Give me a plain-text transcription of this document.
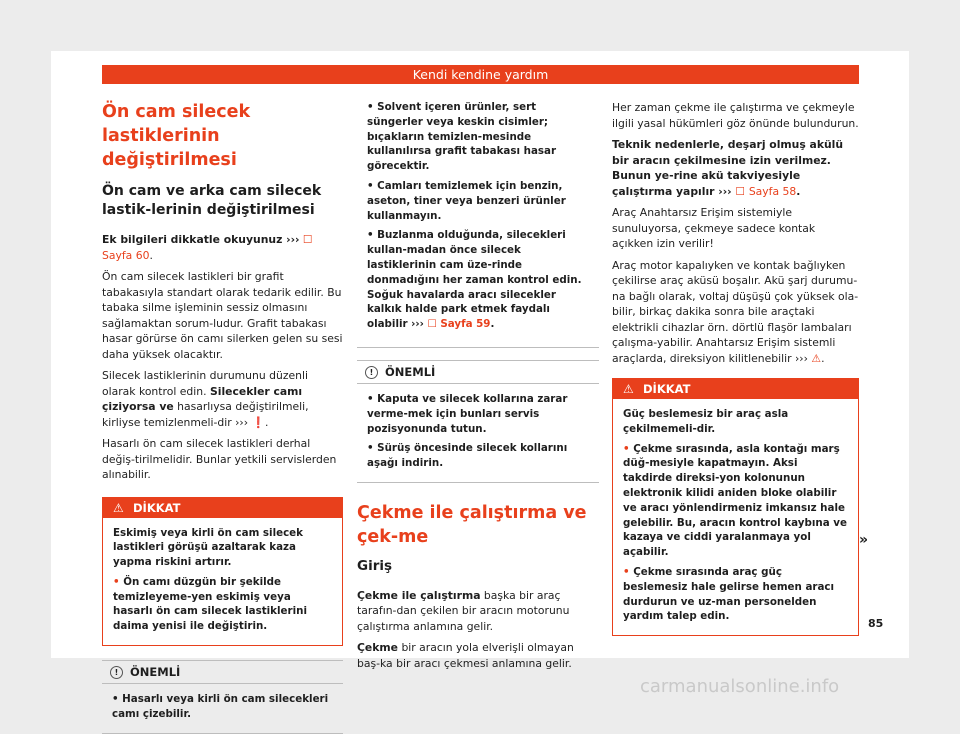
Kendi kendine yardım
Ön cam silecek lastiklerinin değiştirilmesi
Ön cam ve arka cam silecek lastik-lerinin değiştirilmesi

Ek bilgileri dikkatle okuyunuz ››› ☐ Sayfa 60.

Ön cam silecek lastikleri bir grafit tabakasıyla standart olarak tedarik edilir. Bu tabaka silme işleminin sessiz olmasını sağlamaktan sorum-ludur. Grafit tabakası hasar görürse ön camı silerken gelen su sesi daha yüksek olacaktır.

Silecek lastiklerinin durumunu düzenli olarak kontrol edin. Silecekler camı çiziyorsa ve hasarlıysa değiştirilmeli, kirliyse temizlenmeli-dir ››› ❗.

Hasarlı ön cam silecek lastikleri derhal değiş-tirilmelidir. Bunlar yetkili servislerden alınabilir.

⚠ DİKKAT

Eskimiş veya kirli ön cam silecek lastikleri görüşü azaltarak kaza yapma riskini artırır.

• Ön camı düzgün bir şekilde temizleyeme-yen eskimiş veya hasarlı ön cam silecek lastiklerini daima yenisi ile değiştirin.

!	ÖNEMLİ

• Hasarlı veya kirli ön cam silecekleri camı çizebilir.

• Solvent içeren ürünler, sert süngerler veya keskin cisimler; bıçakların temizlen-mesinde kullanılırsa grafit tabakası hasar görecektir.

• Camları temizlemek için benzin, aseton, tiner veya benzeri ürünler kullanmayın.

• Buzlanma olduğunda, silecekleri kullan-madan önce silecek lastiklerinin cam üze-rinde donmadığını her zaman kontrol edin. Soğuk havalarda aracı silecekler kalkık halde park etmek faydalı olabilir ››› ☐ Sayfa 59.

!	ÖNEMLİ

• Kaputa ve silecek kollarına zarar verme-mek için bunları servis pozisyonunda tutun.

• Sürüş öncesinde silecek kollarını aşağı indirin.

Çekme ile çalıştırma ve çek-me
Giriş

Çekme ile çalıştırma başka bir araç tarafın-dan çekilen bir aracın motorunu çalıştırma anlamına gelir.

Çekme bir aracın yola elverişli olmayan baş-ka bir aracı çekmesi anlamına gelir.

Her zaman çekme ile çalıştırma ve çekmeyle ilgili yasal hükümleri göz önünde bulundurun.

Teknik nedenlerle, deşarj olmuş akülü bir aracın çekilmesine izin verilmez. Bunun ye-rine akü takviyesiyle çalıştırma yapılır ››› ☐ Sayfa 58.

Araç Anahtarsız Erişim sistemiyle sunuluyorsa, çekmeye sadece kontak açıkken izin verilir!

Araç motor kapalıyken ve kontak bağlıyken çekilirse araç aküsü boşalır. Akü şarj durumu-na bağlı olarak, voltaj düşüşü çok yüksek ola-bilir, birkaç dakika sonra bile araçtaki elektrikli cihazlar örn. dörtlü flaşör lambaları çalışma-yabilir. Anahtarsız Erişim sistemli araçlarda, direksiyon kilitlenebilir ››› ⚠.

⚠ DİKKAT

Güç beslemesiz bir araç asla çekilmemeli-dir.

• Çekme sırasında, asla kontağı marş düğ-mesiyle kapatmayın. Aksi takdirde direksi-yon kolonunun elektronik kilidi aniden bloke olabilir ve aracı yönlendirmeniz imkansız hale gelebilir. Bu, aracın kontrol kaybına ve kazaya ve ciddi yaralanmaya yol açabilir.

• Çekme sırasında araç güç beslemesiz hale gelirse hemen aracı durdurun ve uz-man personelden yardım talep edin.

»
85
carmanualsonline.info
